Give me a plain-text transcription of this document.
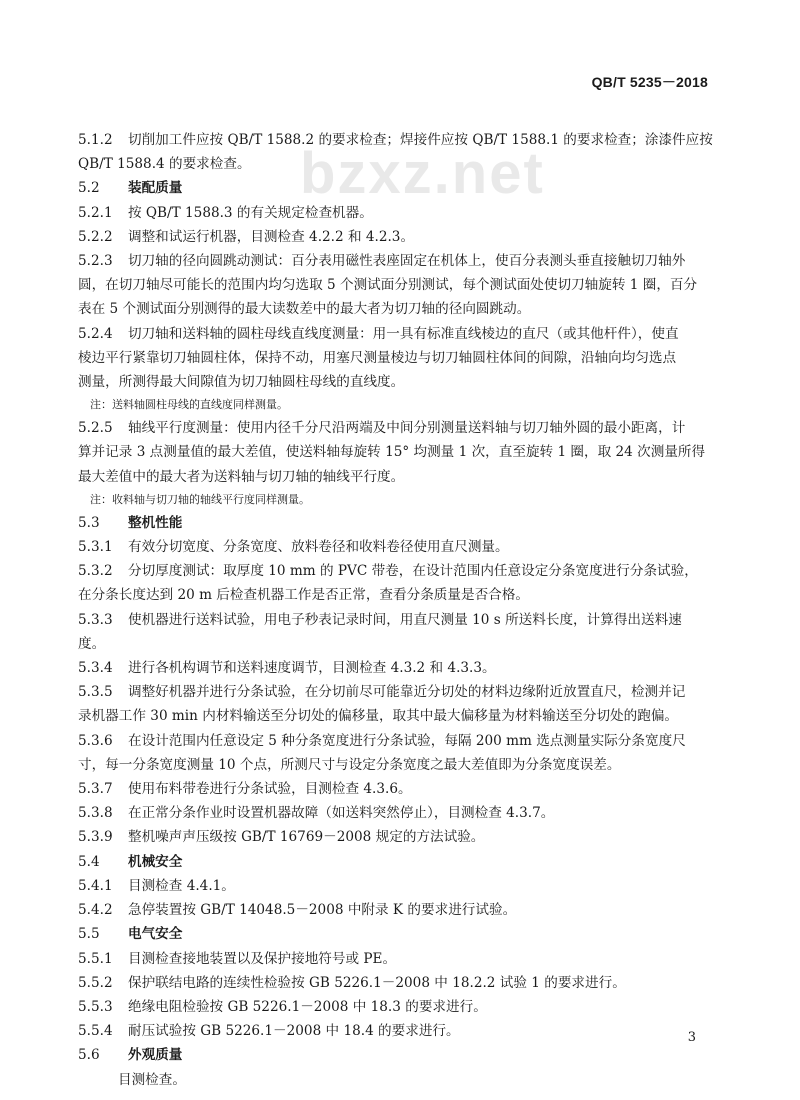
bzxz.net
QB/T 5235－2018
5.1.2 切削加工件应按 QB/T 1588.2 的要求检查；焊接件应按 QB/T 1588.1 的要求检查；涂漆件应按
QB/T 1588.4 的要求检查。
5.2 装配质量
5.2.1 按 QB/T 1588.3 的有关规定检查机器。
5.2.2 调整和试运行机器，目测检查 4.2.2 和 4.2.3。
5.2.3 切刀轴的径向圆跳动测试：百分表用磁性表座固定在机体上，使百分表测头垂直接触切刀轴外
圆，在切刀轴尽可能长的范围内均匀选取 5 个测试面分别测试，每个测试面处使切刀轴旋转 1 圈，百分
表在 5 个测试面分别测得的最大读数差中的最大者为切刀轴的径向圆跳动。
5.2.4 切刀轴和送料轴的圆柱母线直线度测量：用一具有标准直线棱边的直尺（或其他杆件），使直
棱边平行紧靠切刀轴圆柱体，保持不动，用塞尺测量棱边与切刀轴圆柱体间的间隙，沿轴向均匀选点
测量，所测得最大间隙值为切刀轴圆柱母线的直线度。
注：送料轴圆柱母线的直线度同样测量。
5.2.5 轴线平行度测量：使用内径千分尺沿两端及中间分别测量送料轴与切刀轴外圆的最小距离，计
算并记录 3 点测量值的最大差值，使送料轴每旋转 15° 均测量 1 次，直至旋转 1 圈，取 24 次测量所得
最大差值中的最大者为送料轴与切刀轴的轴线平行度。
注：收料轴与切刀轴的轴线平行度同样测量。
5.3 整机性能
5.3.1 有效分切宽度、分条宽度、放料卷径和收料卷径使用直尺测量。
5.3.2 分切厚度测试：取厚度 10 mm 的 PVC 带卷，在设计范围内任意设定分条宽度进行分条试验，
在分条长度达到 20 m 后检查机器工作是否正常，查看分条质量是否合格。
5.3.3 使机器进行送料试验，用电子秒表记录时间，用直尺测量 10 s 所送料长度，计算得出送料速
度。
5.3.4 进行各机构调节和送料速度调节，目测检查 4.3.2 和 4.3.3。
5.3.5 调整好机器并进行分条试验，在分切前尽可能靠近分切处的材料边缘附近放置直尺，检测并记
录机器工作 30 min 内材料输送至分切处的偏移量，取其中最大偏移量为材料输送至分切处的跑偏。
5.3.6 在设计范围内任意设定 5 种分条宽度进行分条试验，每隔 200 mm 选点测量实际分条宽度尺
寸，每一分条宽度测量 10 个点，所测尺寸与设定分条宽度之最大差值即为分条宽度误差。
5.3.7 使用布料带卷进行分条试验，目测检查 4.3.6。
5.3.8 在正常分条作业时设置机器故障（如送料突然停止），目测检查 4.3.7。
5.3.9 整机噪声声压级按 GB/T 16769－2008 规定的方法试验。
5.4 机械安全
5.4.1 目测检查 4.4.1。
5.4.2 急停装置按 GB/T 14048.5－2008 中附录 K 的要求进行试验。
5.5 电气安全
5.5.1 目测检查接地装置以及保护接地符号或 PE。
5.5.2 保护联结电路的连续性检验按 GB 5226.1－2008 中 18.2.2 试验 1 的要求进行。
5.5.3 绝缘电阻检验按 GB 5226.1－2008 中 18.3 的要求进行。
5.5.4 耐压试验按 GB 5226.1－2008 中 18.4 的要求进行。
5.6 外观质量
目测检查。
3
